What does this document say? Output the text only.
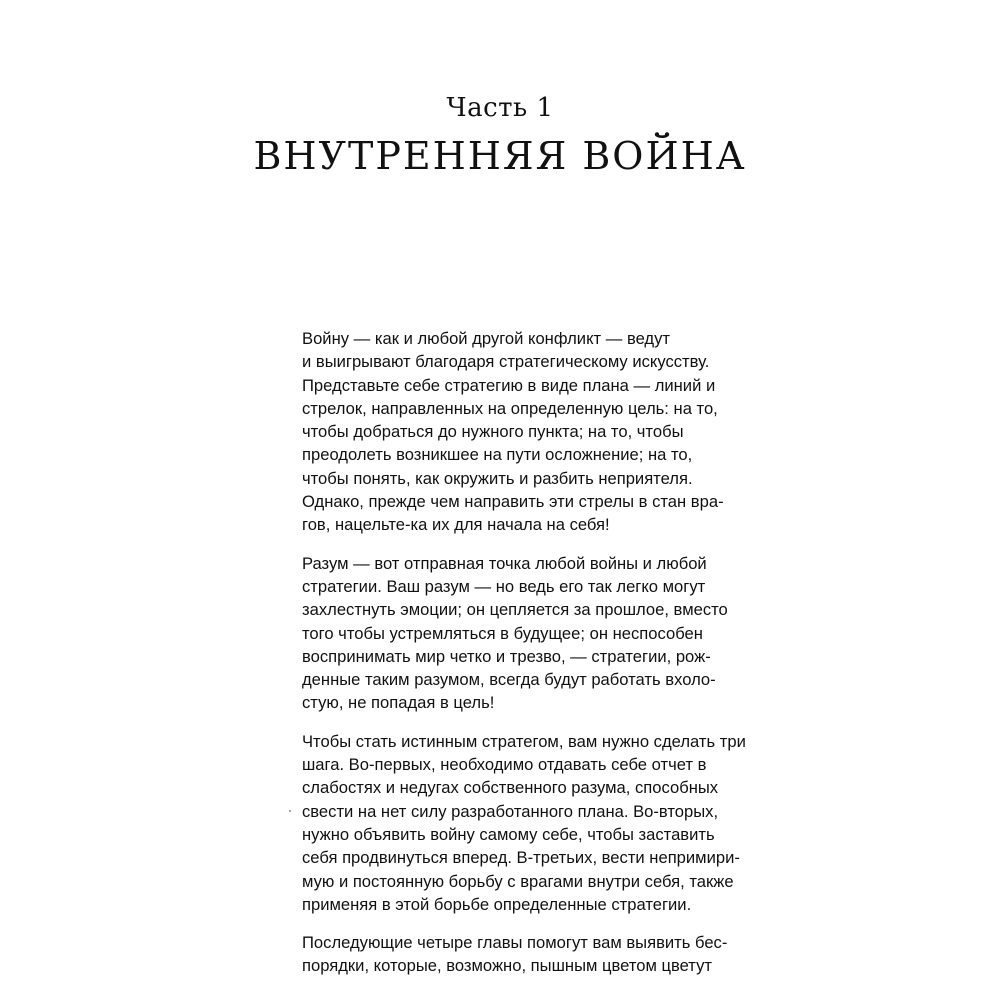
Часть 1
ВНУТРЕННЯЯ ВОЙНА

Войну — как и любой другой конфликт — ведут
и выигрывают благодаря стратегическому искусству.
Представьте себе стратегию в виде плана — линий и
стрелок, направленных на определенную цель: на то,
чтобы добраться до нужного пункта; на то, чтобы
преодолеть возникшее на пути осложнение; на то,
чтобы понять, как окружить и разбить неприятеля.
Однако, прежде чем направить эти стрелы в стан вра-
гов, нацельте-ка их для начала на себя!

Разум — вот отправная точка любой войны и любой
стратегии. Ваш разум — но ведь его так легко могут
захлестнуть эмоции; он цепляется за прошлое, вместо
того чтобы устремляться в будущее; он неспособен
воспринимать мир четко и трезво, — стратегии, рож-
денные таким разумом, всегда будут работать вхоло-
стую, не попадая в цель!

Чтобы стать истинным стратегом, вам нужно сделать три
шага. Во-первых, необходимо отдавать себе отчет в
слабостях и недугах собственного разума, способных
свести на нет силу разработанного плана. Во-вторых,
нужно объявить войну самому себе, чтобы заставить
себя продвинуться вперед. В-третьих, вести непримири-
мую и постоянную борьбу с врагами внутри себя, также
применяя в этой борьбе определенные стратегии.

Последующие четыре главы помогут вам выявить бес-
порядки, которые, возможно, пышным цветом цветут
